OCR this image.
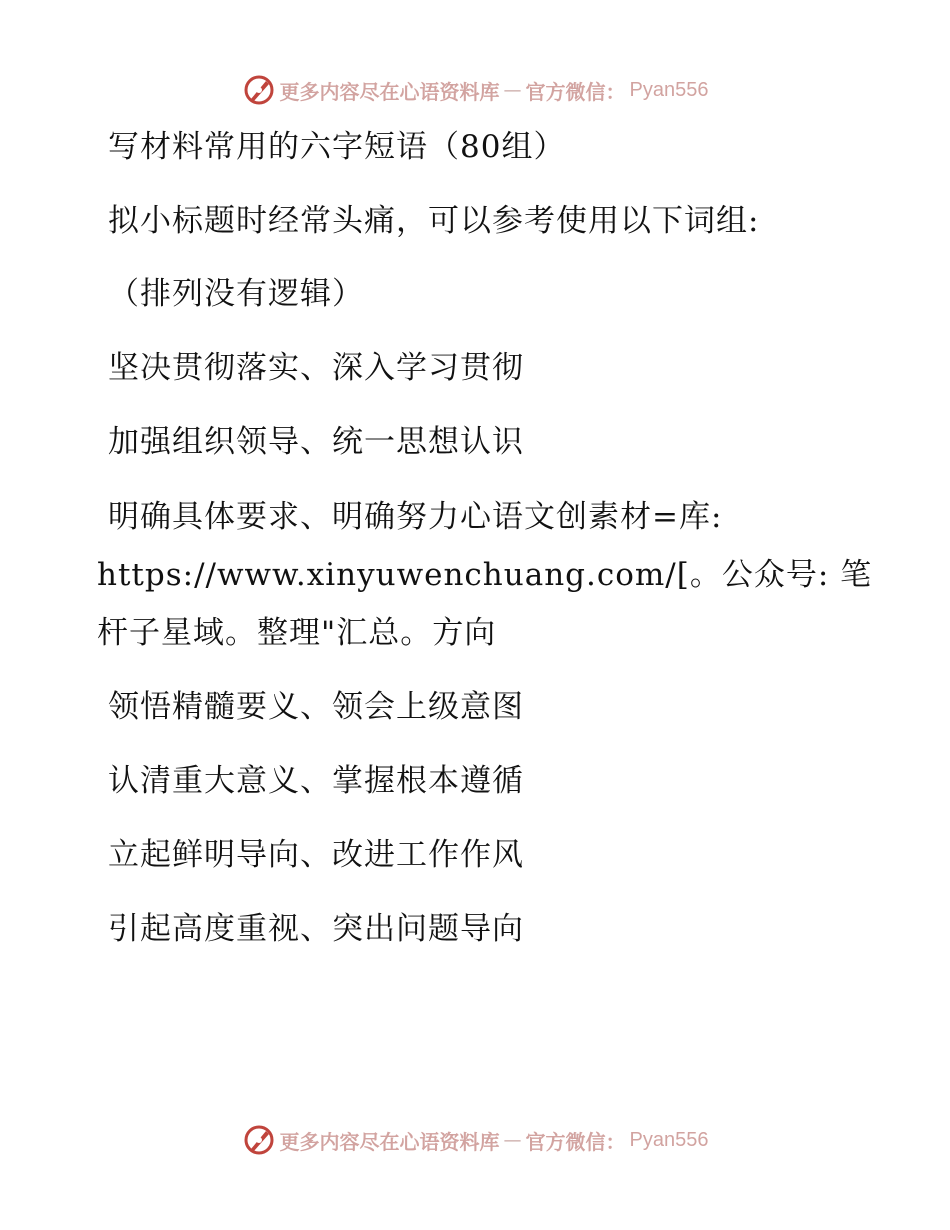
更多内容尽在心语资料库 — 官方微信： Pyan556
写材料常用的六字短语（80组）
拟小标题时经常头痛，可以参考使用以下词组:
（排列没有逻辑）
坚决贯彻落实、深入学习贯彻
加强组织领导、统一思想认识
明确具体要求、明确努力心语文创素材=库:
https://www.xinyuwenchuang.com/[。公众号: 笔
杆子星域。整理"汇总。方向
领悟精髓要义、领会上级意图
认清重大意义、掌握根本遵循
立起鲜明导向、改进工作作风
引起高度重视、突出问题导向
更多内容尽在心语资料库 — 官方微信： Pyan556
